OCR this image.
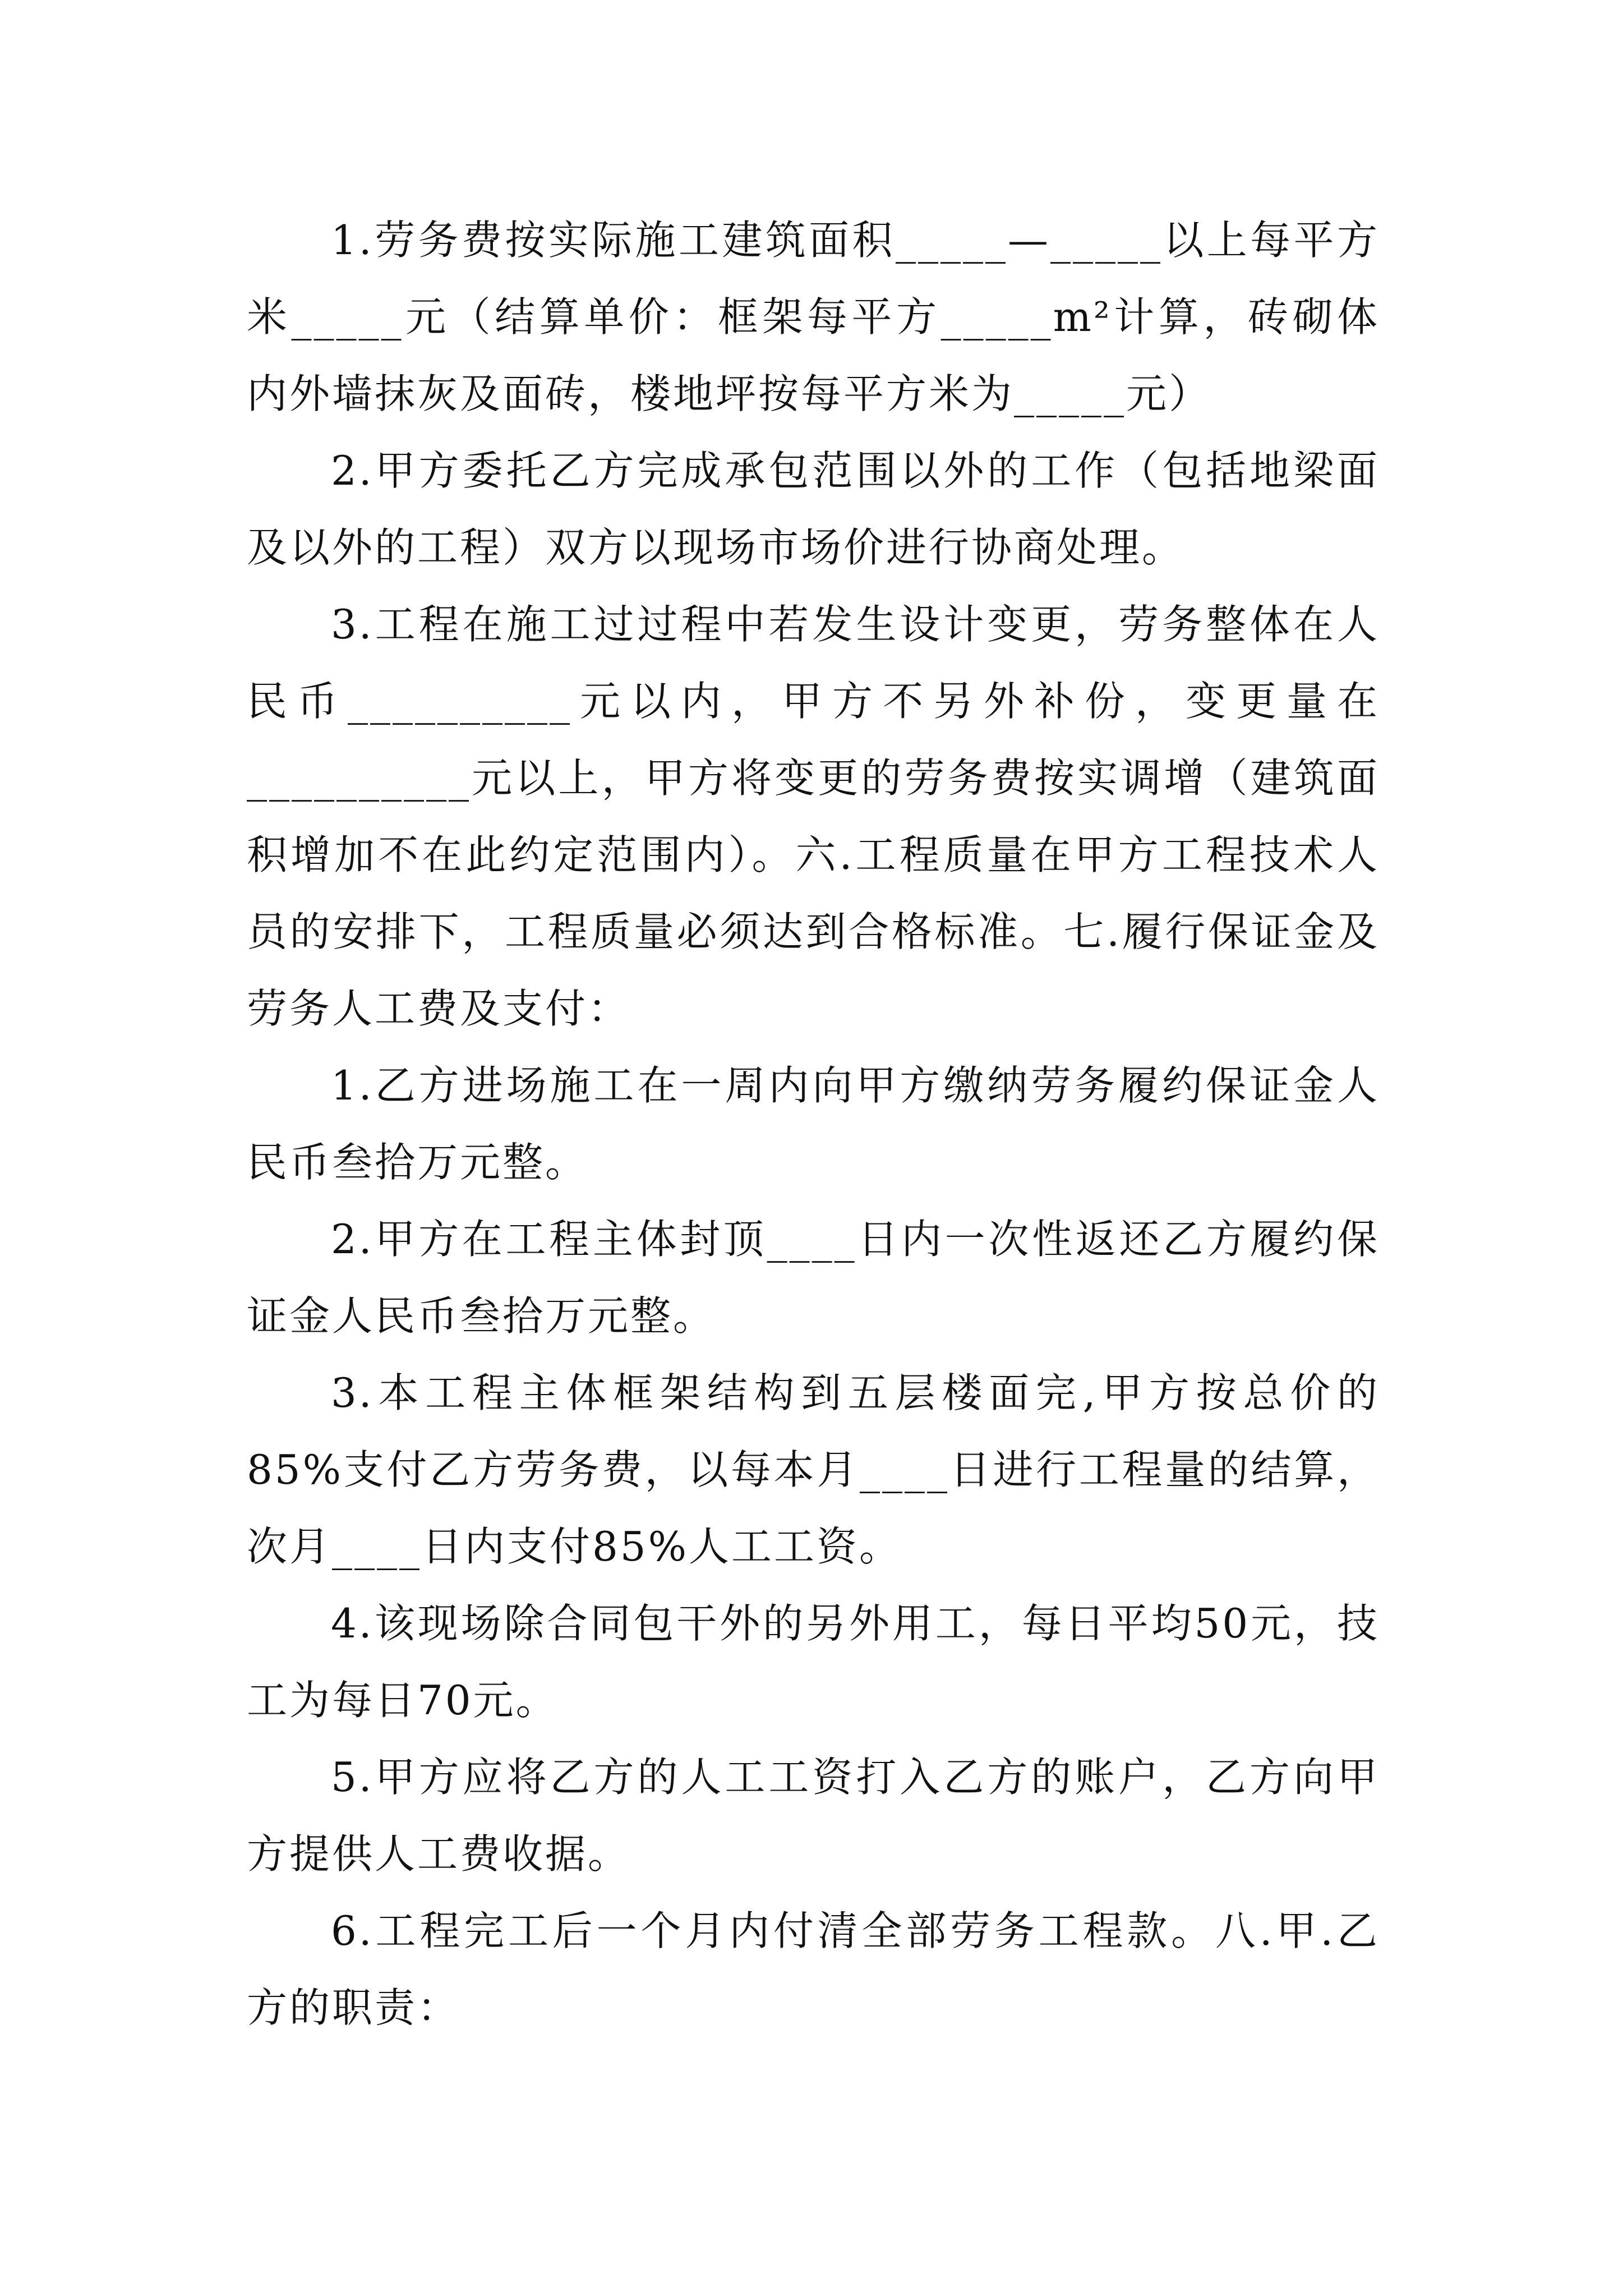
1.劳务费按实际施工建筑面积_____—_____以上每平方米_____元（结算单价：框架每平方_____m²计算，砖砌体内外墙抹灰及面砖，楼地坪按每平方米为_____元）

2.甲方委托乙方完成承包范围以外的工作（包括地梁面及以外的工程）双方以现场市场价进行协商处理。

3.工程在施工过过程中若发生设计变更，劳务整体在人民币__________元以内，甲方不另外补份，变更量在__________元以上，甲方将变更的劳务费按实调增（建筑面积增加不在此约定范围内）。六.工程质量在甲方工程技术人员的安排下，工程质量必须达到合格标准。七.履行保证金及劳务人工费及支付：

1.乙方进场施工在一周内向甲方缴纳劳务履约保证金人民币叁拾万元整。

2.甲方在工程主体封顶____日内一次性返还乙方履约保证金人民币叁拾万元整。

3.本工程主体框架结构到五层楼面完,甲方按总价的85%支付乙方劳务费，以每本月____日进行工程量的结算，次月____日内支付85%人工工资。

4.该现场除合同包干外的另外用工，每日平均50元，技工为每日70元。

5.甲方应将乙方的人工工资打入乙方的账户，乙方向甲方提供人工费收据。

6.工程完工后一个月内付清全部劳务工程款。八.甲.乙方的职责：
